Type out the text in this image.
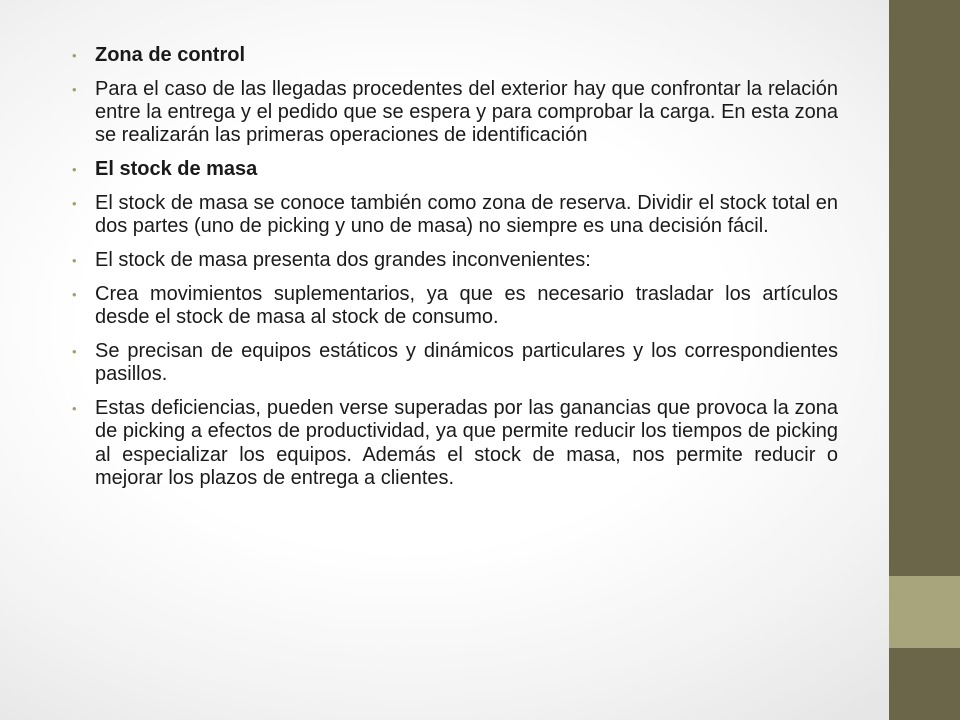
• Zona de control
• Para el caso de las llegadas procedentes del exterior hay que confrontar la relación entre la entrega y el pedido que se espera y para comprobar la carga. En esta zona se realizarán las primeras operaciones de identificación
• El stock de masa
• El stock de masa se conoce también como zona de reserva. Dividir el stock total en dos partes (uno de picking y uno de masa) no siempre es una decisión fácil.
• El stock de masa presenta dos grandes inconvenientes:
• Crea movimientos suplementarios, ya que es necesario trasladar los artículos desde el stock de masa al stock de consumo.
• Se precisan de equipos estáticos y dinámicos particulares y los correspondientes pasillos.
• Estas deficiencias, pueden verse superadas por las ganancias que provoca la zona de picking a efectos de productividad, ya que permite reducir los tiempos de picking al especializar los equipos. Además el stock de masa, nos permite reducir o mejorar los plazos de entrega a clientes.
